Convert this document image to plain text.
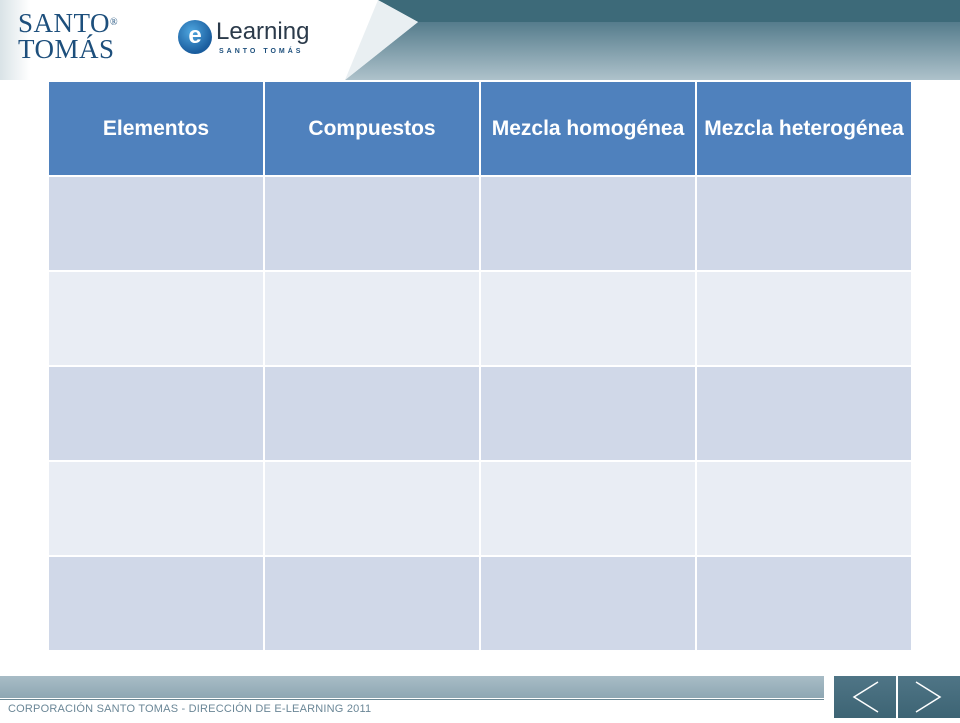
SANTO®
TOMÁS	e Learning
SANTO TOMÁS
Elementos	Compuestos	Mezcla homogénea	Mezcla heterogénea

CORPORACIÓN SANTO TOMAS - DIRECCIÓN DE E-LEARNING 2011
